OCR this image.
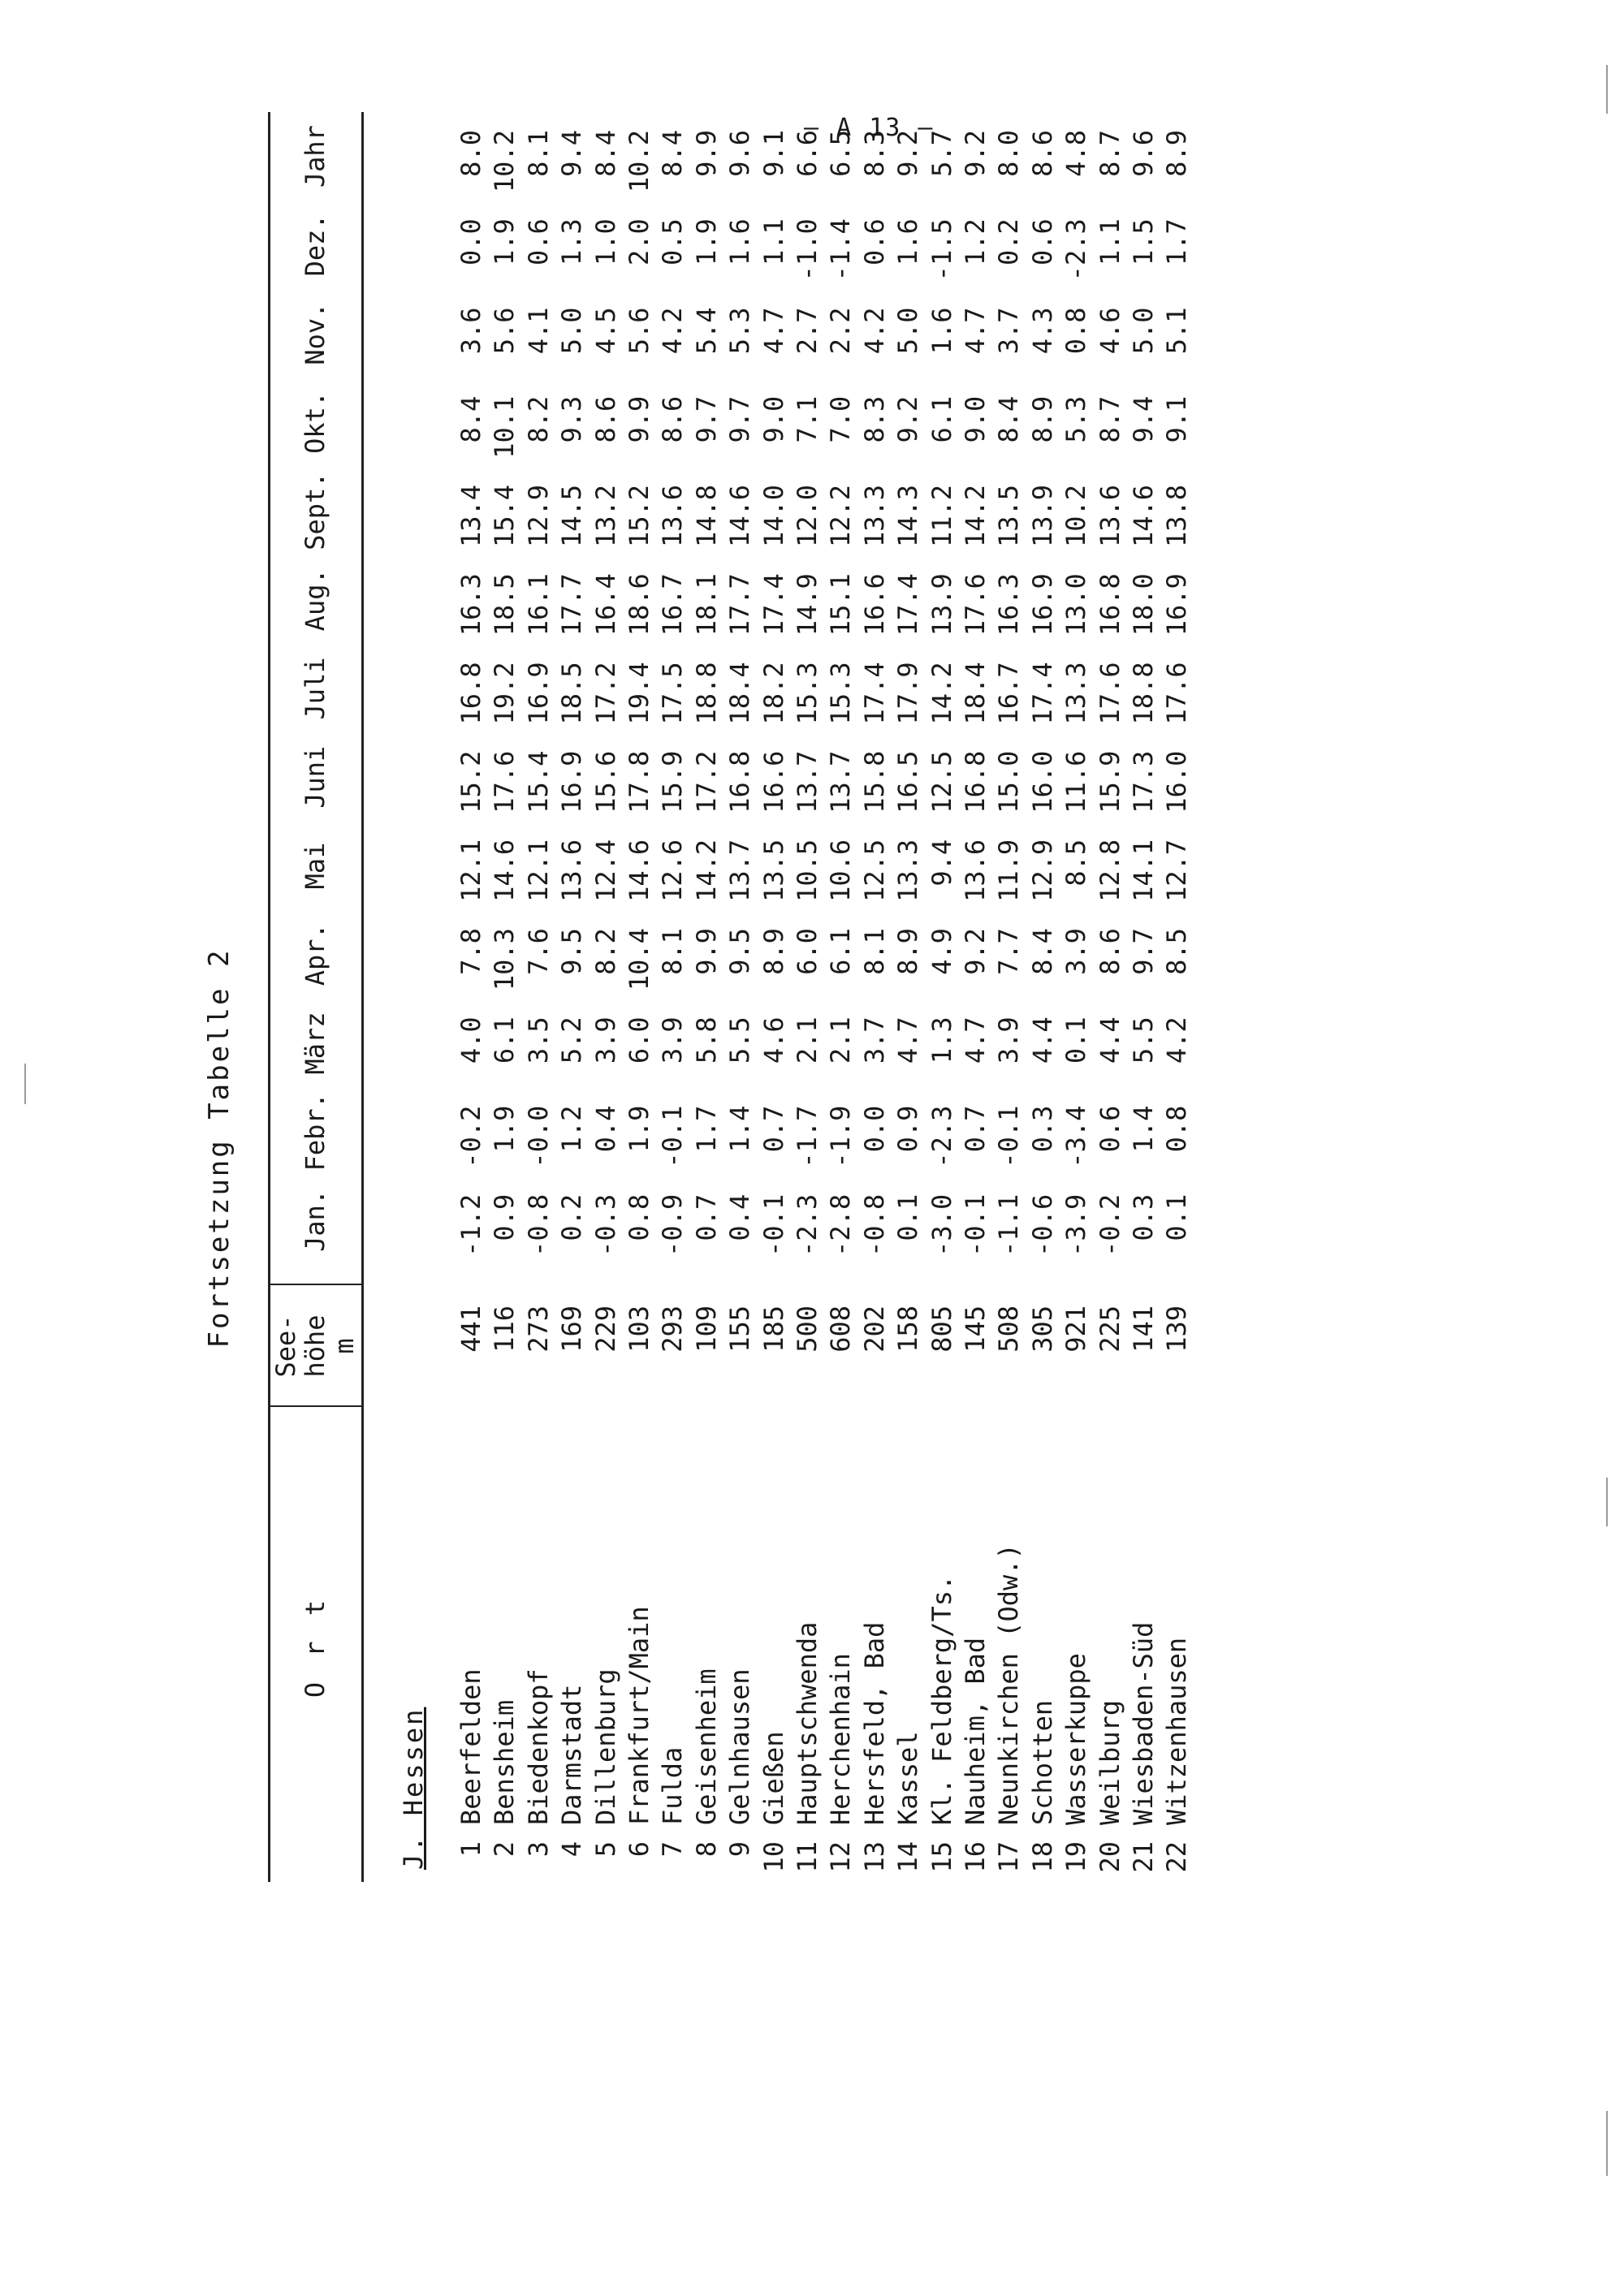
– A 13 –
Fortsetzung Tabelle 2
O r t
See-
höhe
m
Jan.
Febr.
März
Apr.
Mai
Juni
Juli
Aug.
Sept.
Okt.
Nov.
Dez.
Jahr
J. Hessen 1
Beerfelden
441
-1.2
-0.2
4.0
7.8
12.1
15.2
16.8
16.3
13.4
8.4
3.6
0.0
8.0
2
Bensheim
116
0.9
1.9
6.1
10.3
14.6
17.6
19.2
18.5
15.4
10.1
5.6
1.9
10.2
3
Biedenkopf
273
-0.8
-0.0
3.5
7.6
12.1
15.4
16.9
16.1
12.9
8.2
4.1
0.6
8.1
4
Darmstadt
169
0.2
1.2
5.2
9.5
13.6
16.9
18.5
17.7
14.5
9.3
5.0
1.3
9.4
5
Dillenburg
229
-0.3
0.4
3.9
8.2
12.4
15.6
17.2
16.4
13.2
8.6
4.5
1.0
8.4
6
Frankfurt/Main
103
0.8
1.9
6.0
10.4
14.6
17.8
19.4
18.6
15.2
9.9
5.6
2.0
10.2
7
Fulda
293
-0.9
-0.1
3.9
8.1
12.6
15.9
17.5
16.7
13.6
8.6
4.2
0.5
8.4
8
Geisenheim
109
0.7
1.7
5.8
9.9
14.2
17.2
18.8
18.1
14.8
9.7
5.4
1.9
9.9
9
Gelnhausen
155
0.4
1.4
5.5
9.5
13.7
16.8
18.4
17.7
14.6
9.7
5.3
1.6
9.6
10
Gießen
185
-0.1
0.7
4.6
8.9
13.5
16.6
18.2
17.4
14.0
9.0
4.7
1.1
9.1
11
Hauptschwenda
500
-2.3
-1.7
2.1
6.0
10.5
13.7
15.3
14.9
12.0
7.1
2.7
-1.0
6.6
12
Herchenhain
608
-2.8
-1.9
2.1
6.1
10.6
13.7
15.3
15.1
12.2
7.0
2.2
-1.4
6.5
13
Hersfeld, Bad
202
-0.8
0.0
3.7
8.1
12.5
15.8
17.4
16.6
13.3
8.3
4.2
0.6
8.3
14
Kassel
158
0.1
0.9
4.7
8.9
13.3
16.5
17.9
17.4
14.3
9.2
5.0
1.6
9.2
15
Kl. Feldberg/Ts.
805
-3.0
-2.3
1.3
4.9
9.4
12.5
14.2
13.9
11.2
6.1
1.6
-1.5
5.7
16
Nauheim, Bad
145
-0.1
0.7
4.7
9.2
13.6
16.8
18.4
17.6
14.2
9.0
4.7
1.2
9.2
17
Neunkirchen (Odw.)
508
-1.1
-0.1
3.9
7.7
11.9
15.0
16.7
16.3
13.5
8.4
3.7
0.2
8.0
18
Schotten
305
-0.6
0.3
4.4
8.4
12.9
16.0
17.4
16.9
13.9
8.9
4.3
0.6
8.6
19
Wasserkuppe
921
-3.9
-3.4
0.1
3.9
8.5
11.6
13.3
13.0
10.2
5.3
0.8
-2.3
4.8
20
Weilburg
225
-0.2
0.6
4.4
8.6
12.8
15.9
17.6
16.8
13.6
8.7
4.6
1.1
8.7
21
Wiesbaden-Süd
141
0.3
1.4
5.5
9.7
14.1
17.3
18.8
18.0
14.6
9.4
5.0
1.5
9.6
22
Witzenhausen
139
0.1
0.8
4.2
8.5
12.7
16.0
17.6
16.9
13.8
9.1
5.1
1.7
8.9
